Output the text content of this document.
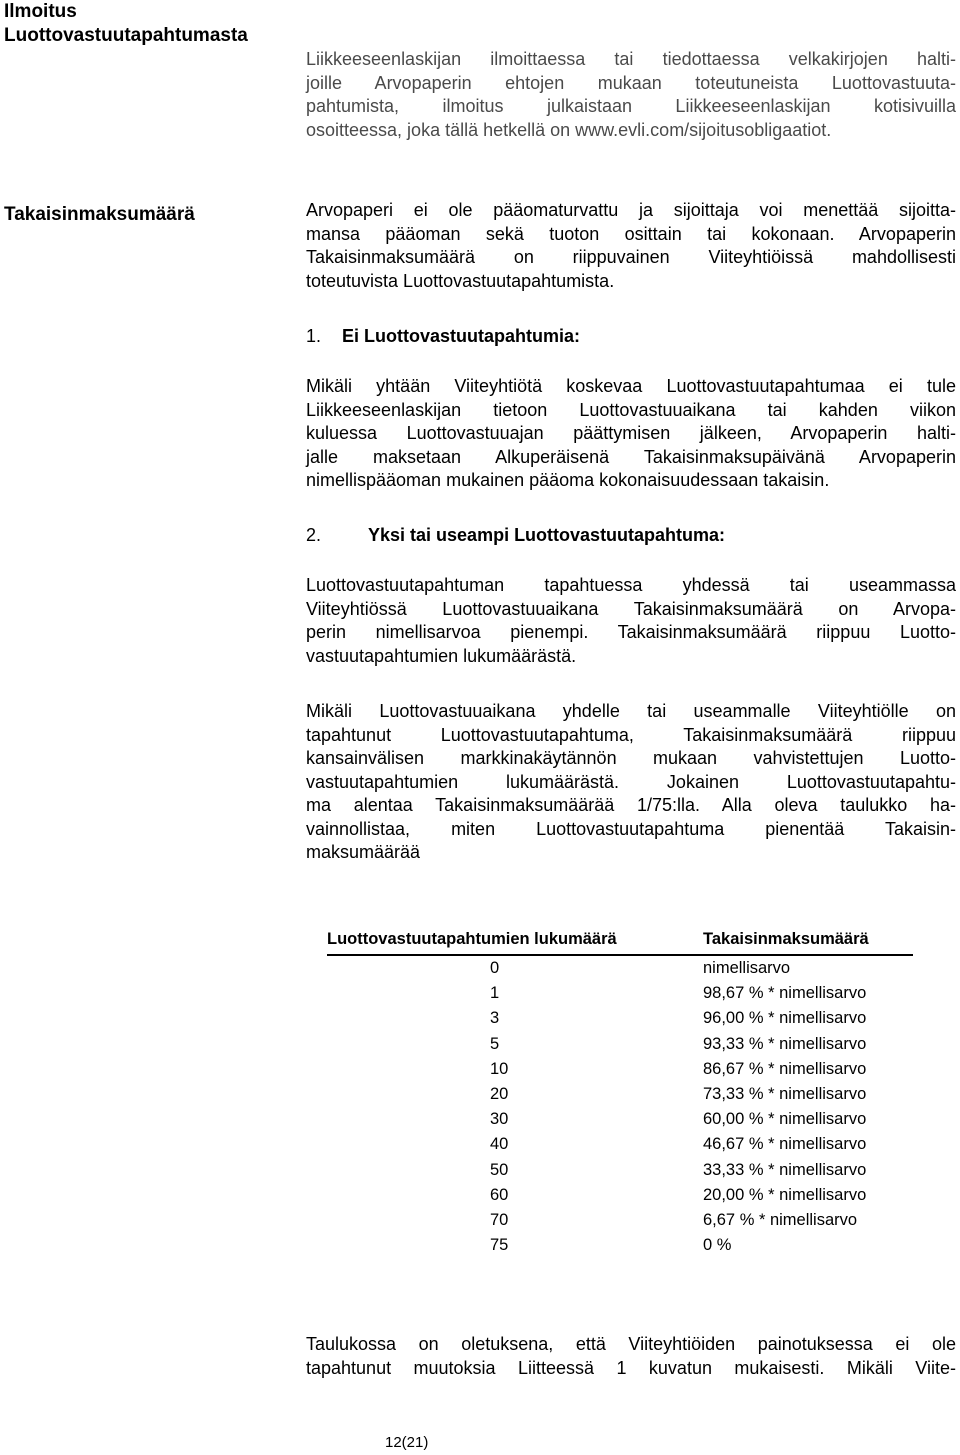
Ilmoitus
Luottovastuutapahtumasta
Takaisinmaksumäärä
Liikkeeseenlaskijan ilmoittaessa tai tiedottaessa velkakirjojen halti-
joille Arvopaperin ehtojen mukaan toteutuneista Luottovastuuta-
pahtumista, ilmoitus julkaistaan Liikkeeseenlaskijan kotisivuilla
osoitteessa, joka tällä hetkellä on www.evli.com/sijoitusobligaatiot.
Arvopaperi ei ole pääomaturvattu ja sijoittaja voi menettää sijoitta-
mansa pääoman sekä tuoton osittain tai kokonaan. Arvopaperin
Takaisinmaksumäärä on riippuvainen Viiteyhtiöissä mahdollisesti
toteutuvista Luottovastuutapahtumista.
1. Ei Luottovastuutapahtumia:
Mikäli yhtään Viiteyhtiötä koskevaa Luottovastuutapahtumaa ei tule
Liikkeeseenlaskijan tietoon Luottovastuuaikana tai kahden viikon
kuluessa Luottovastuuajan päättymisen jälkeen, Arvopaperin halti-
jalle maksetaan Alkuperäisenä Takaisinmaksupäivänä Arvopaperin
nimellispääoman mukainen pääoma kokonaisuudessaan takaisin.
2.	Yksi tai useampi Luottovastuutapahtuma:
Luottovastuutapahtuman tapahtuessa yhdessä tai useammassa
Viiteyhtiössä Luottovastuuaikana Takaisinmaksumäärä on Arvopa-
perin nimellisarvoa pienempi. Takaisinmaksumäärä riippuu Luotto-
vastuutapahtumien lukumäärästä.
Mikäli Luottovastuuaikana yhdelle tai useammalle Viiteyhtiölle on
tapahtunut Luottovastuutapahtuma, Takaisinmaksumäärä riippuu
kansainvälisen markkinakäytännön mukaan vahvistettujen Luotto-
vastuutapahtumien lukumäärästä. Jokainen Luottovastuutapahtu-
ma alentaa Takaisinmaksumäärää 1/75:lla. Alla oleva taulukko ha-
vainnollistaa, miten Luottovastuutapahtuma pienentää Takaisin-
maksumäärää
Luottovastuutapahtumien lukumäärä	Takaisinmaksumäärä
0	nimellisarvo
1	98,67 % * nimellisarvo
3	96,00 % * nimellisarvo
5	93,33 % * nimellisarvo
10	86,67 % * nimellisarvo
20	73,33 % * nimellisarvo
30	60,00 % * nimellisarvo
40	46,67 % * nimellisarvo
50	33,33 % * nimellisarvo
60	20,00 % * nimellisarvo
70	6,67 % * nimellisarvo
75	0 %
Taulukossa on oletuksena, että Viiteyhtiöiden painotuksessa ei ole
tapahtunut muutoksia Liitteessä 1 kuvatun mukaisesti. Mikäli Viite-
12(21)
